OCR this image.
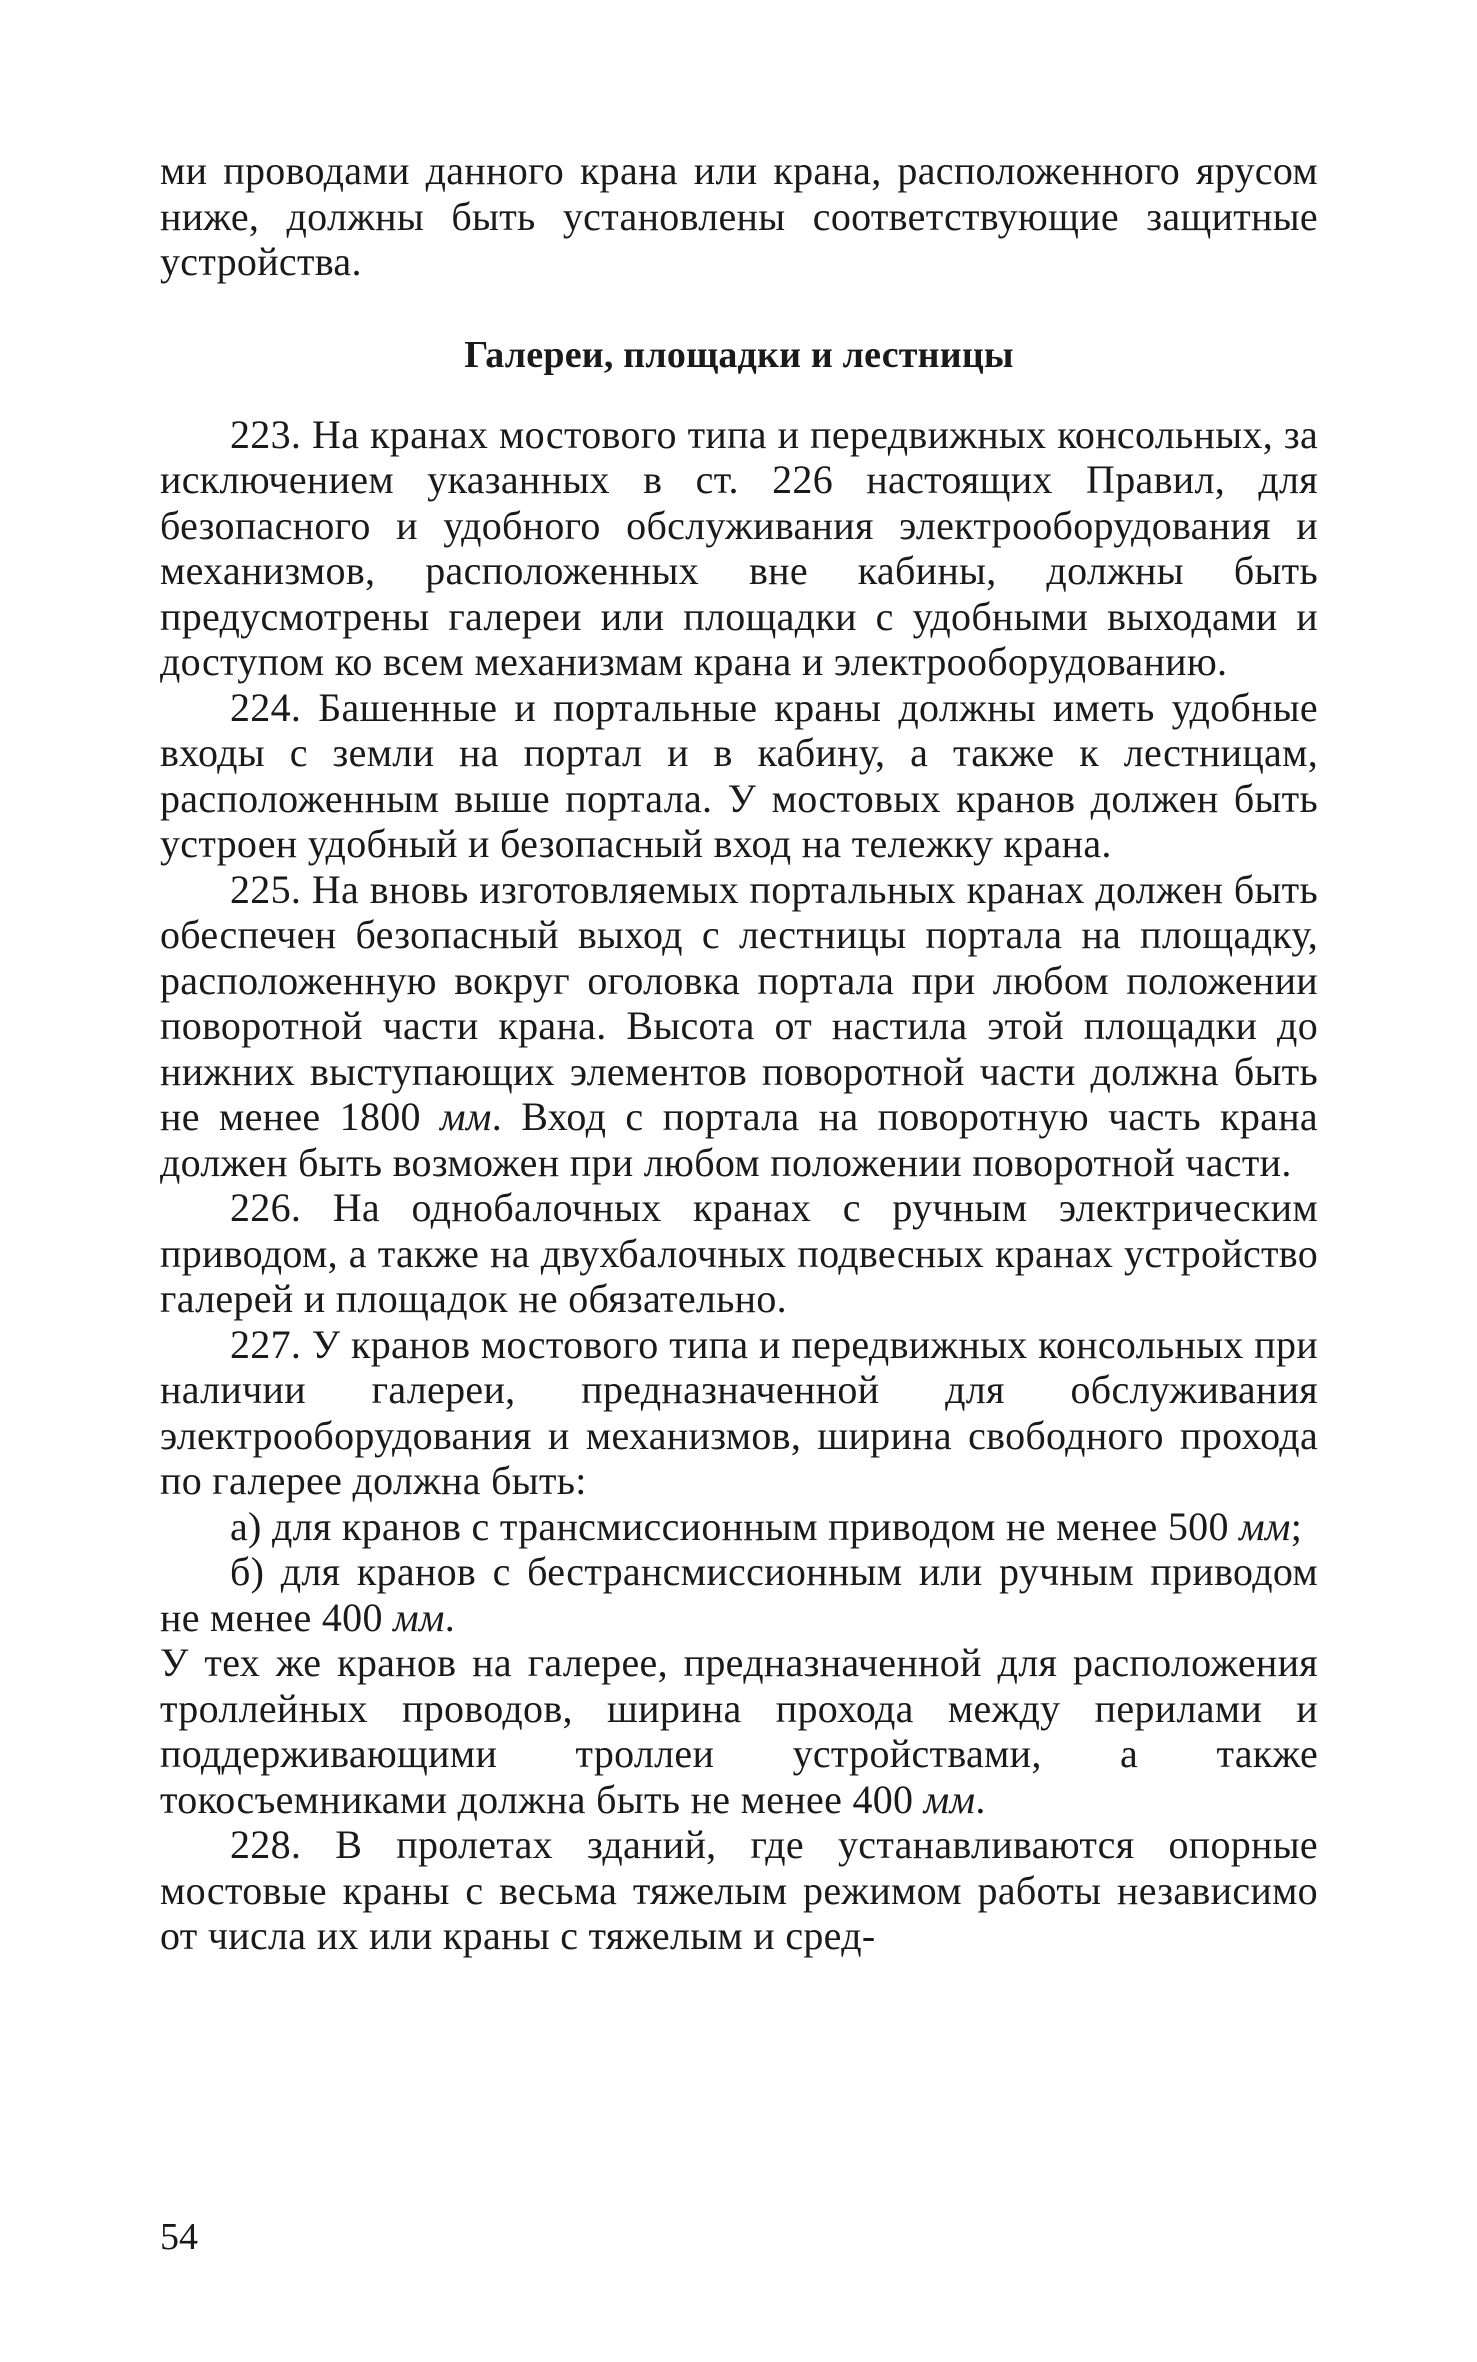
ми проводами данного крана или крана, расположенного ярусом ниже, должны быть установлены соответствующие защитные устройства.

Галереи, площадки и лестницы

223. На кранах мостового типа и передвижных консольных, за исключением указанных в ст. 226 настоящих Правил, для безопасного и удобного обслуживания электрооборудования и механизмов, расположенных вне кабины, должны быть предусмотрены галереи или площадки с удобными выходами и доступом ко всем механизмам крана и электрооборудованию.

224. Башенные и портальные краны должны иметь удобные входы с земли на портал и в кабину, а также к лестницам, расположенным выше портала. У мостовых кранов должен быть устроен удобный и безопасный вход на тележку крана.

225. На вновь изготовляемых портальных кранах должен быть обеспечен безопасный выход с лестницы портала на площадку, расположенную вокруг оголовка портала при любом положении поворотной части крана. Высота от настила этой площадки до нижних выступающих элементов поворотной части должна быть не менее 1800 мм. Вход с портала на поворотную часть крана должен быть возможен при любом положении поворотной части.

226. На однобалочных кранах с ручным электрическим приводом, а также на двухбалочных подвесных кранах устройство галерей и площадок не обязательно.

227. У кранов мостового типа и передвижных консольных при наличии галереи, предназначенной для обслуживания электрооборудования и механизмов, ширина свободного прохода по галерее должна быть:

а) для кранов с трансмиссионным приводом не менее 500 мм;

б) для кранов с бестрансмиссионным или ручным приводом не менее 400 мм.

У тех же кранов на галерее, предназначенной для расположения троллейных проводов, ширина прохода между перилами и поддерживающими троллеи устройствами, а также токосъемниками должна быть не менее 400 мм.

228. В пролетах зданий, где устанавливаются опорные мостовые краны с весьма тяжелым режимом работы независимо от числа их или краны с тяжелым и сред-

54
